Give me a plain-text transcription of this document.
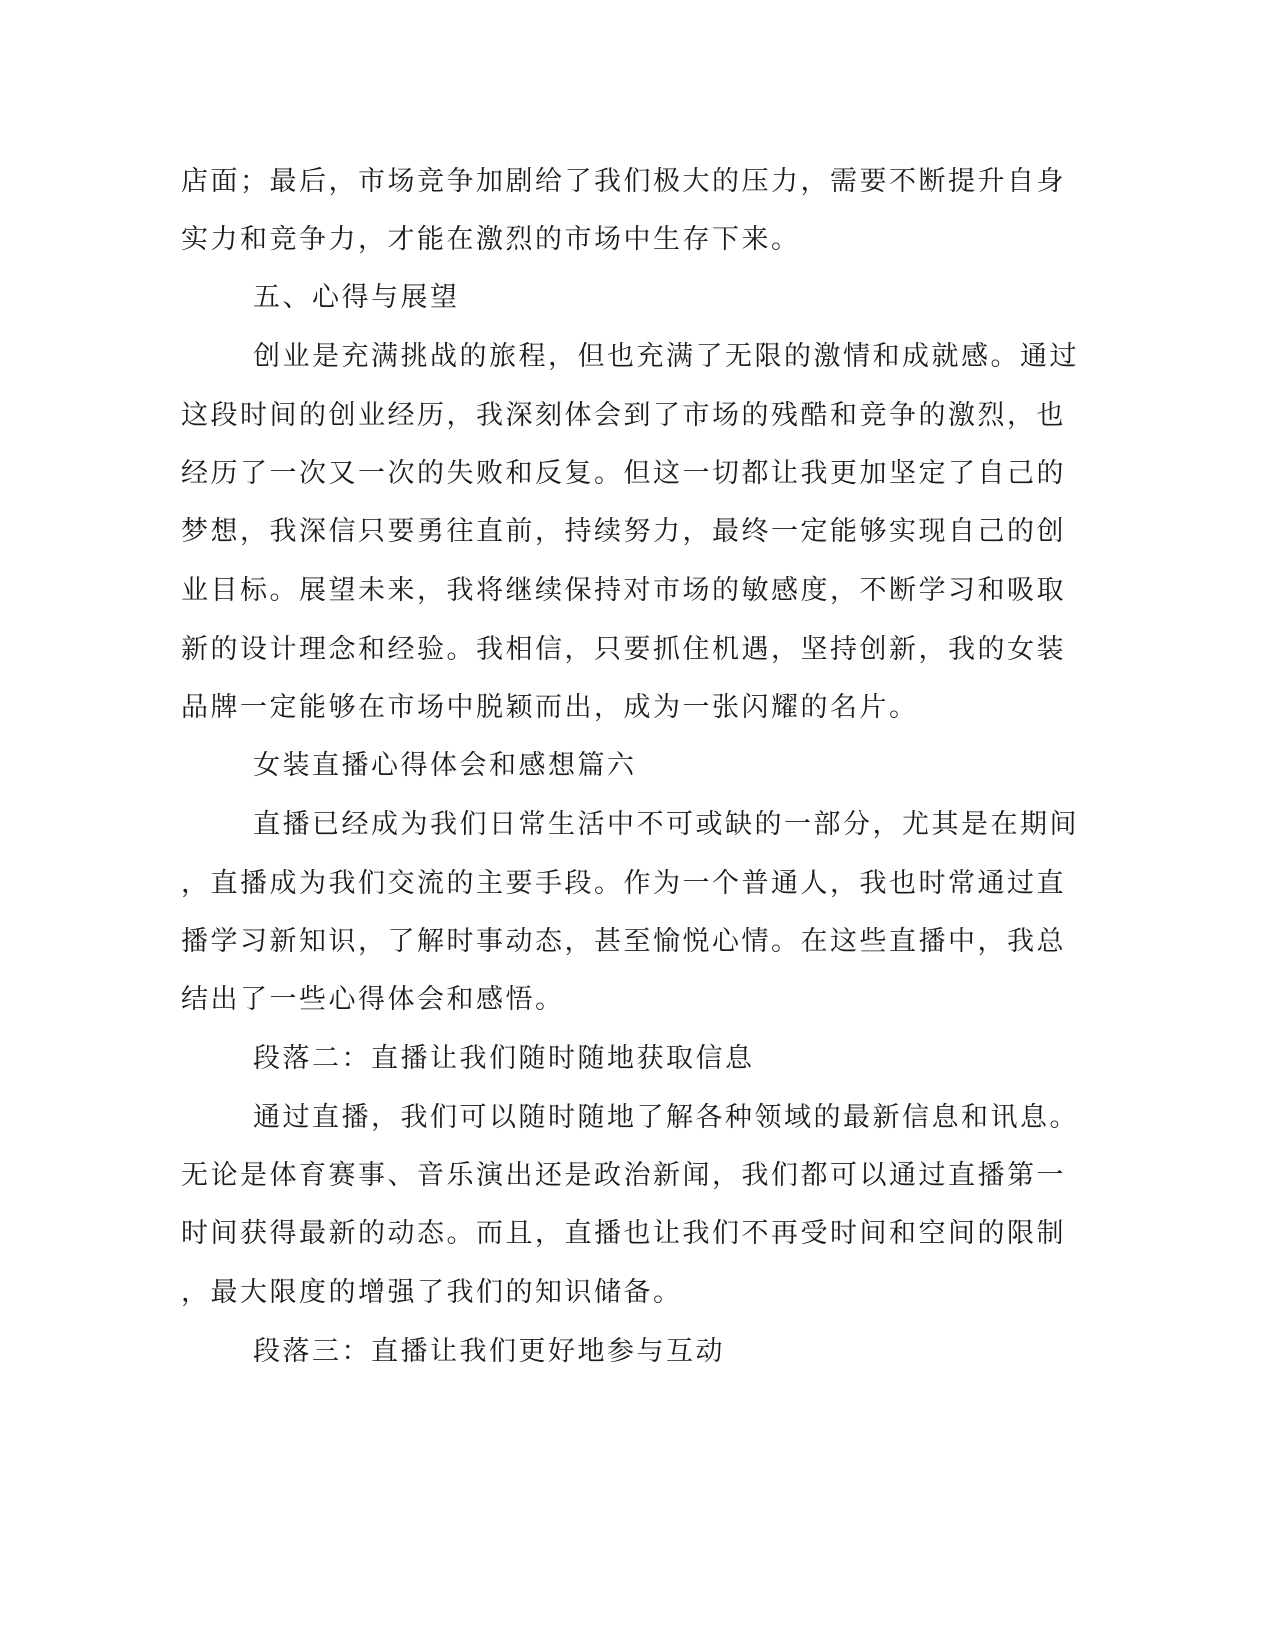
店面；最后，市场竞争加剧给了我们极大的压力，需要不断提升自身
实力和竞争力，才能在激烈的市场中生存下来。
五、心得与展望
创业是充满挑战的旅程，但也充满了无限的激情和成就感。通过
这段时间的创业经历，我深刻体会到了市场的残酷和竞争的激烈，也
经历了一次又一次的失败和反复。但这一切都让我更加坚定了自己的
梦想，我深信只要勇往直前，持续努力，最终一定能够实现自己的创
业目标。展望未来，我将继续保持对市场的敏感度，不断学习和吸取
新的设计理念和经验。我相信，只要抓住机遇，坚持创新，我的女装
品牌一定能够在市场中脱颖而出，成为一张闪耀的名片。
女装直播心得体会和感想篇六
直播已经成为我们日常生活中不可或缺的一部分，尤其是在期间
，直播成为我们交流的主要手段。作为一个普通人，我也时常通过直
播学习新知识，了解时事动态，甚至愉悦心情。在这些直播中，我总
结出了一些心得体会和感悟。
段落二：直播让我们随时随地获取信息
通过直播，我们可以随时随地了解各种领域的最新信息和讯息。
无论是体育赛事、音乐演出还是政治新闻，我们都可以通过直播第一
时间获得最新的动态。而且，直播也让我们不再受时间和空间的限制
，最大限度的增强了我们的知识储备。
段落三：直播让我们更好地参与互动
